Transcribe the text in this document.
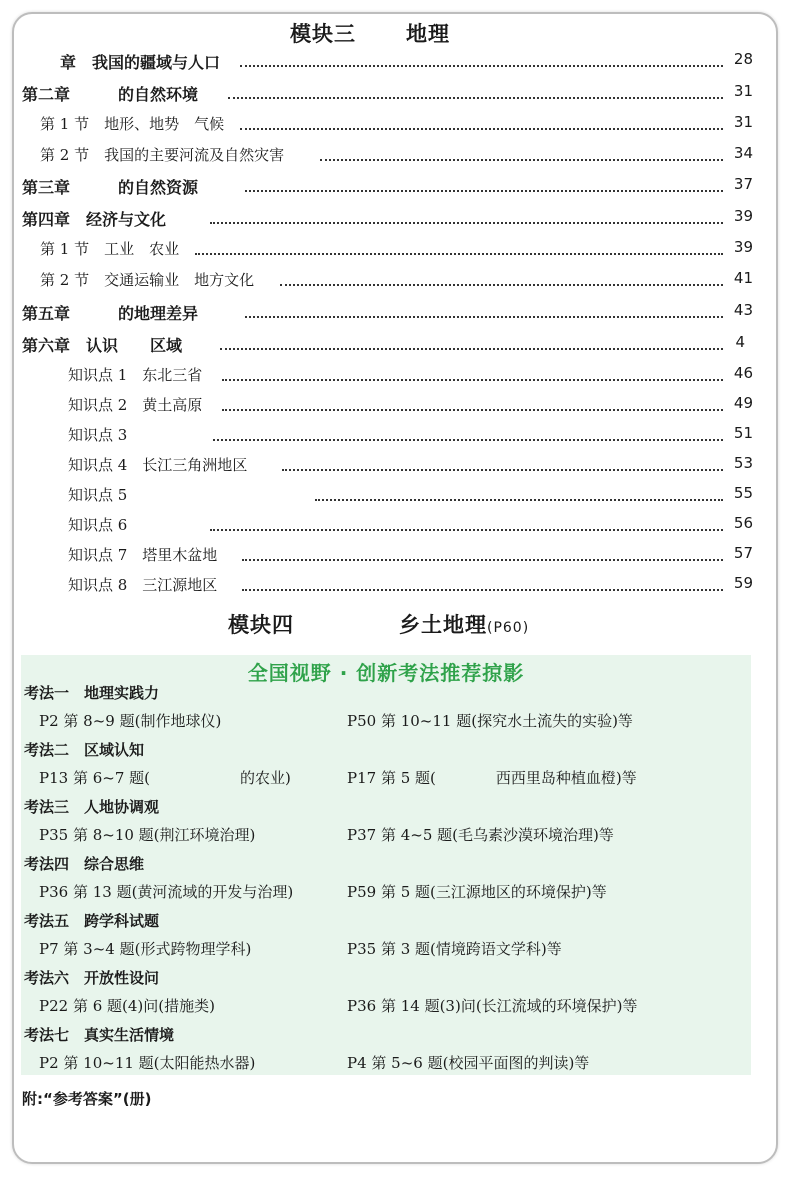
模块三 地理
章　我国的疆域与人口	28
第二章　　　的自然环境	31
第 1 节　地形、地势　气候	31
第 2 节　我国的主要河流及自然灾害	34
第三章　　　的自然资源	37
第四章　经济与文化	39
第 1 节　工业　农业	39
第 2 节　交通运输业　地方文化	41
第五章　　　的地理差异	43
第六章　认识　　区域	4
知识点 1　东北三省	46
知识点 2　黄土高原	49
知识点 3	51
知识点 4　长江三角洲地区	53
知识点 5	55
知识点 6	56
知识点 7　塔里木盆地	57
知识点 8　三江源地区	59
模块四	乡土地理(P60)
全国视野 · 创新考法推荐掠影
考法一　地理实践力
P2 第 8~9 题(制作地球仪)	P50 第 10~11 题(探究水土流失的实验)等
考法二　区域认知
P13 第 6~7 题(　　　　　　的农业)	P17 第 5 题(　　　　西西里岛种植血橙)等
考法三　人地协调观
P35 第 8~10 题(荆江环境治理)	P37 第 4~5 题(毛乌素沙漠环境治理)等
考法四　综合思维
P36 第 13 题(黄河流域的开发与治理)	P59 第 5 题(三江源地区的环境保护)等
考法五　跨学科试题
P7 第 3~4 题(形式跨物理学科)	P35 第 3 题(情境跨语文学科)等
考法六　开放性设问
P22 第 6 题(4)问(措施类)	P36 第 14 题(3)问(长江流域的环境保护)等
考法七　真实生活情境
P2 第 10~11 题(太阳能热水器)	P4 第 5~6 题(校园平面图的判读)等
附:“参考答案”(册)
